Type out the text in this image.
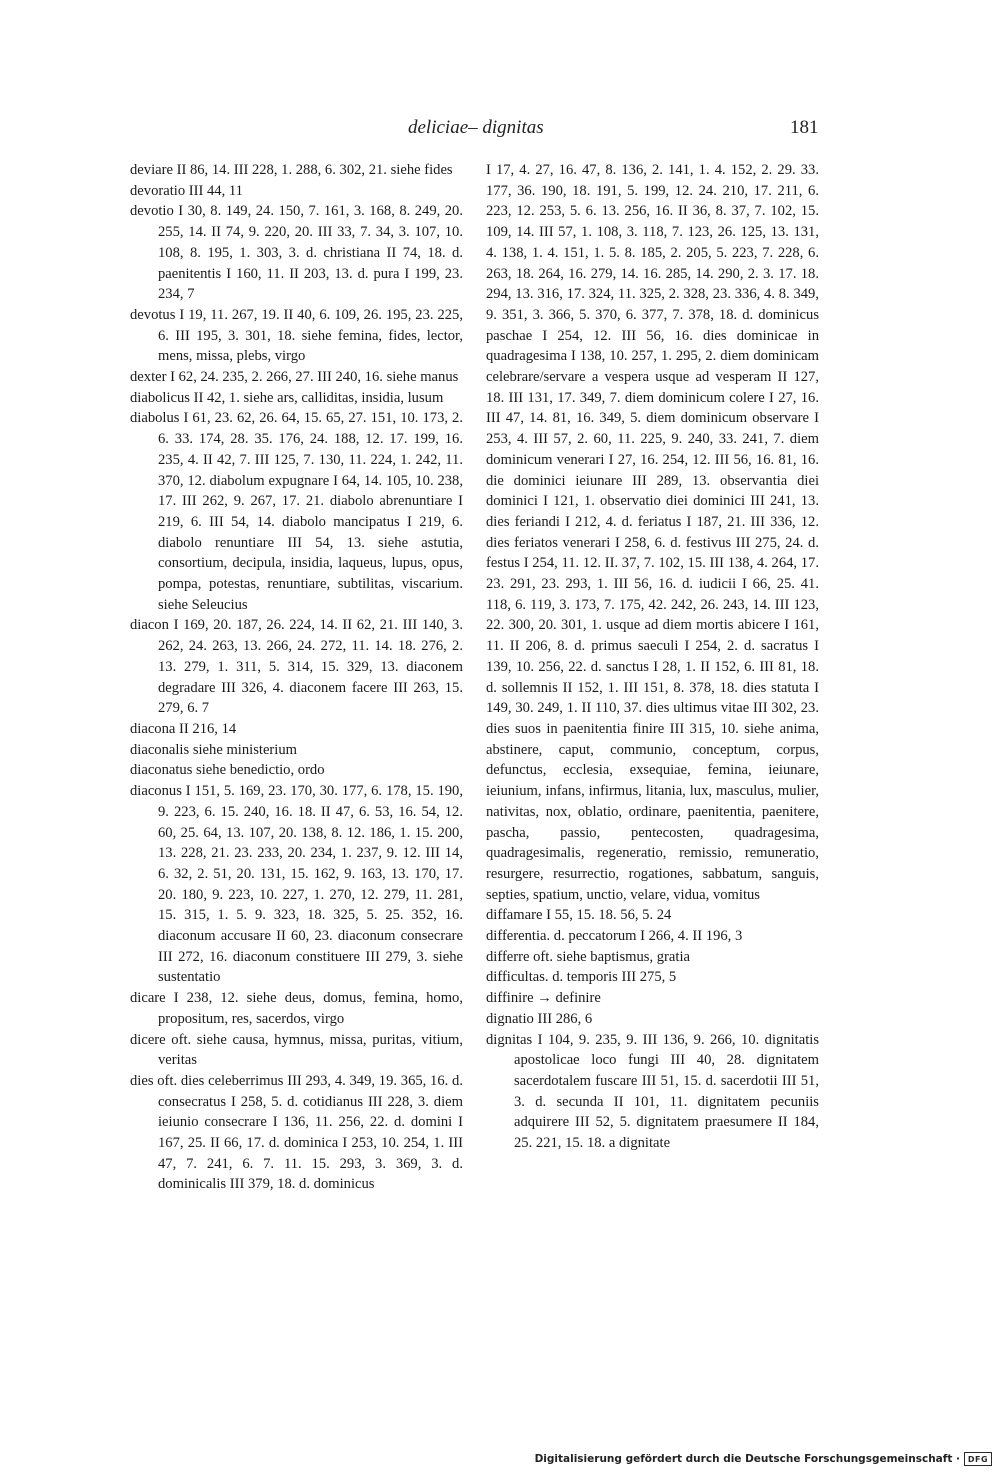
deliciae– dignitas	181

deviare II 86, 14. III 228, 1. 288, 6. 302, 21. siehe fides

devoratio III 44, 11

devotio I 30, 8. 149, 24. 150, 7. 161, 3. 168, 8. 249, 20. 255, 14. II 74, 9. 220, 20. III 33, 7. 34, 3. 107, 10. 108, 8. 195, 1. 303, 3. d. christiana II 74, 18. d. paenitentis I 160, 11. II 203, 13. d. pura I 199, 23. 234, 7

devotus I 19, 11. 267, 19. II 40, 6. 109, 26. 195, 23. 225, 6. III 195, 3. 301, 18. siehe femina, fides, lector, mens, missa, plebs, virgo

dexter I 62, 24. 235, 2. 266, 27. III 240, 16. siehe manus

diabolicus II 42, 1. siehe ars, calliditas, insidia, lusum

diabolus I 61, 23. 62, 26. 64, 15. 65, 27. 151, 10. 173, 2. 6. 33. 174, 28. 35. 176, 24. 188, 12. 17. 199, 16. 235, 4. II 42, 7. III 125, 7. 130, 11. 224, 1. 242, 11. 370, 12. diabolum expugnare I 64, 14. 105, 10. 238, 17. III 262, 9. 267, 17. 21. diabolo abrenuntiare I 219, 6. III 54, 14. diabolo mancipatus I 219, 6. diabolo renuntiare III 54, 13. siehe astutia, consortium, decipula, insidia, laqueus, lupus, opus, pompa, potestas, renuntiare, subtilitas, viscarium. siehe Seleucius

diacon I 169, 20. 187, 26. 224, 14. II 62, 21. III 140, 3. 262, 24. 263, 13. 266, 24. 272, 11. 14. 18. 276, 2. 13. 279, 1. 311, 5. 314, 15. 329, 13. diaconem degradare III 326, 4. diaconem facere III 263, 15. 279, 6. 7

diacona II 216, 14

diaconalis siehe ministerium

diaconatus siehe benedictio, ordo

diaconus I 151, 5. 169, 23. 170, 30. 177, 6. 178, 15. 190, 9. 223, 6. 15. 240, 16. 18. II 47, 6. 53, 16. 54, 12. 60, 25. 64, 13. 107, 20. 138, 8. 12. 186, 1. 15. 200, 13. 228, 21. 23. 233, 20. 234, 1. 237, 9. 12. III 14, 6. 32, 2. 51, 20. 131, 15. 162, 9. 163, 13. 170, 17. 20. 180, 9. 223, 10. 227, 1. 270, 12. 279, 11. 281, 15. 315, 1. 5. 9. 323, 18. 325, 5. 25. 352, 16. diaconum accusare II 60, 23. diaconum consecrare III 272, 16. diaconum constituere III 279, 3. siehe sustentatio

dicare I 238, 12. siehe deus, domus, femina, homo, propositum, res, sacerdos, virgo

dicere oft. siehe causa, hymnus, missa, puritas, vitium, veritas

dies oft. dies celeberrimus III 293, 4. 349, 19. 365, 16. d. consecratus I 258, 5. d. cotidianus III 228, 3. diem ieiunio consecrare I 136, 11. 256, 22. d. domini I 167, 25. II 66, 17. d. dominica I 253, 10. 254, 1. III 47, 7. 241, 6. 7. 11. 15. 293, 3. 369, 3. d. dominicalis III 379, 18. d. dominicus

I 17, 4. 27, 16. 47, 8. 136, 2. 141, 1. 4. 152, 2. 29. 33. 177, 36. 190, 18. 191, 5. 199, 12. 24. 210, 17. 211, 6. 223, 12. 253, 5. 6. 13. 256, 16. II 36, 8. 37, 7. 102, 15. 109, 14. III 57, 1. 108, 3. 118, 7. 123, 26. 125, 13. 131, 4. 138, 1. 4. 151, 1. 5. 8. 185, 2. 205, 5. 223, 7. 228, 6. 263, 18. 264, 16. 279, 14. 16. 285, 14. 290, 2. 3. 17. 18. 294, 13. 316, 17. 324, 11. 325, 2. 328, 23. 336, 4. 8. 349, 9. 351, 3. 366, 5. 370, 6. 377, 7. 378, 18. d. dominicus paschae I 254, 12. III 56, 16. dies dominicae in quadragesima I 138, 10. 257, 1. 295, 2. diem dominicam celebrare/servare a vespera usque ad vesperam II 127, 18. III 131, 17. 349, 7. diem dominicum colere I 27, 16. III 47, 14. 81, 16. 349, 5. diem dominicum observare I 253, 4. III 57, 2. 60, 11. 225, 9. 240, 33. 241, 7. diem dominicum venerari I 27, 16. 254, 12. III 56, 16. 81, 16. die dominici ieiunare III 289, 13. observantia diei dominici I 121, 1. observatio diei dominici III 241, 13. dies feriandi I 212, 4. d. feriatus I 187, 21. III 336, 12. dies feriatos venerari I 258, 6. d. festivus III 275, 24. d. festus I 254, 11. 12. II. 37, 7. 102, 15. III 138, 4. 264, 17. 23. 291, 23. 293, 1. III 56, 16. d. iudicii I 66, 25. 41. 118, 6. 119, 3. 173, 7. 175, 42. 242, 26. 243, 14. III 123, 22. 300, 20. 301, 1. usque ad diem mortis abicere I 161, 11. II 206, 8. d. primus saeculi I 254, 2. d. sacratus I 139, 10. 256, 22. d. sanctus I 28, 1. II 152, 6. III 81, 18. d. sollemnis II 152, 1. III 151, 8. 378, 18. dies statuta I 149, 30. 249, 1. II 110, 37. dies ultimus vitae III 302, 23. dies suos in paenitentia finire III 315, 10. siehe anima, abstinere, caput, communio, conceptum, corpus, defunctus, ecclesia, exsequiae, femina, ieiunare, ieiunium, infans, infirmus, litania, lux, masculus, mulier, nativitas, nox, oblatio, ordinare, paenitentia, paenitere, pascha, passio, pentecosten, quadragesima, quadragesimalis, regeneratio, remissio, remuneratio, resurgere, resurrectio, rogationes, sabbatum, sanguis, septies, spatium, unctio, velare, vidua, vomitus

diffamare I 55, 15. 18. 56, 5. 24

differentia. d. peccatorum I 266, 4. II 196, 3

differre oft. siehe baptismus, gratia

difficultas. d. temporis III 275, 5

diffinire → definire

dignatio III 286, 6

dignitas I 104, 9. 235, 9. III 136, 9. 266, 10. dignitatis apostolicae loco fungi III 40, 28. dignitatem sacerdotalem fuscare III 51, 15. d. sacerdotii III 51, 3. d. secunda II 101, 11. dignitatem pecuniis adquirere III 52, 5. dignitatem praesumere II 184, 25. 221, 15. 18. a dignitate

Digitalisierung gefördert durch die Deutsche Forschungsgemeinschaft · DFG
